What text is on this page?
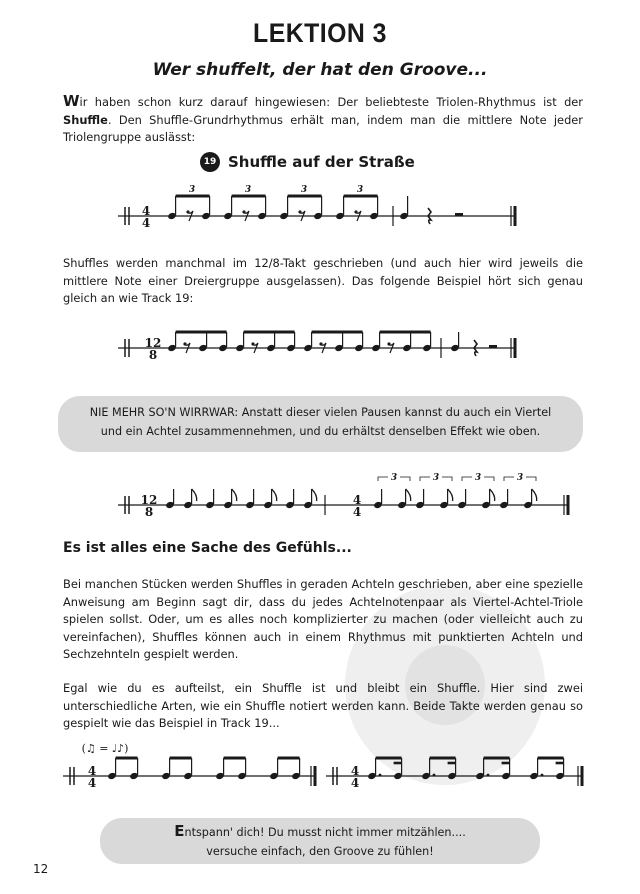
LEKTION 3
Wer shuffelt, der hat den Groove...
Wir haben schon kurz darauf hingewiesen: Der beliebteste Triolen-Rhythmus ist der Shuffle. Den Shuffle-Grundrhythmus erhält man, indem man die mittlere Note jeder Triolengruppe auslässt:
19 Shuffle auf der Straße
4
4
3	3	3	3
12
8
12
8
4
4
3	3	3	3
4
4
(♫ = ♩♪)
4
4
Shuffles werden manchmal im 12/8-Takt geschrieben (und auch hier wird jeweils die mittlere Note einer Dreiergruppe ausgelassen). Das folgende Beispiel hört sich genau gleich an wie Track 19:
NIE MEHR SO'N WIRRWAR: Anstatt dieser vielen Pausen kannst du auch ein Viertel
und ein Achtel zusammennehmen, und du erhältst denselben Effekt wie oben.
Es ist alles eine Sache des Gefühls...
Bei manchen Stücken werden Shuffles in geraden Achteln geschrieben, aber eine spezielle Anweisung am Beginn sagt dir, dass du jedes Achtelnotenpaar als Viertel-Achtel-Triole spielen sollst. Oder, um es alles noch komplizierter zu machen (oder vielleicht auch zu vereinfachen), Shuffles können auch in einem Rhythmus mit punktierten Achteln und Sechzehnteln gespielt werden.
Egal wie du es aufteilst, ein Shuffle ist und bleibt ein Shuffle. Hier sind zwei unterschiedliche Arten, wie ein Shuffle notiert werden kann. Beide Takte werden genau so gespielt wie das Beispiel in Track 19...
Entspann' dich! Du musst nicht immer mitzählen....
versuche einfach, den Groove zu fühlen!
12
